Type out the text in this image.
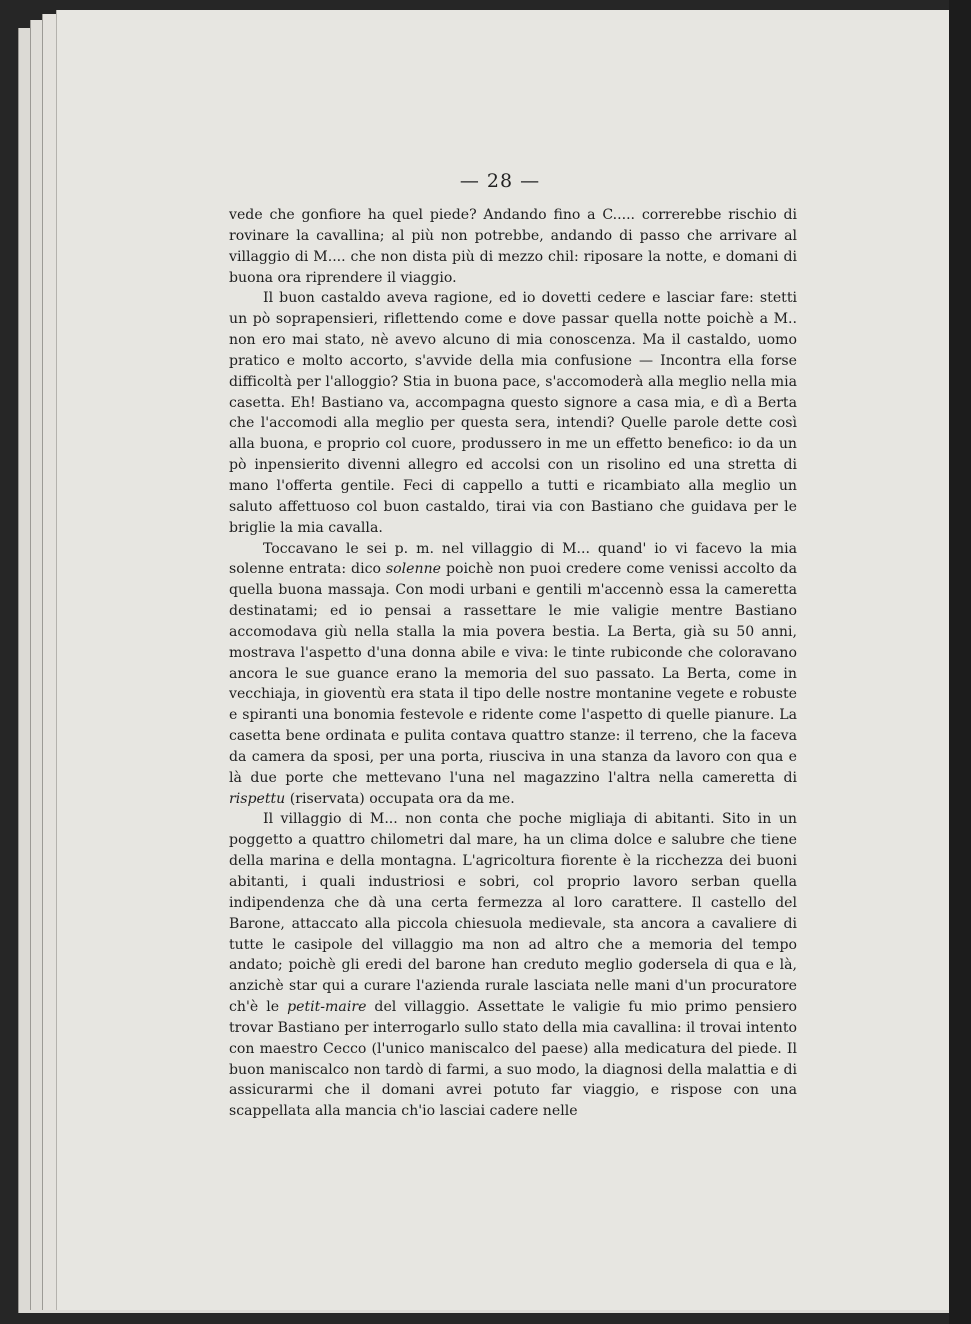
— 28 —

vede che gonfiore ha quel piede? Andando fino a C..... correrebbe rischio di rovinare la cavallina; al più non potrebbe, andando di passo che arrivare al villaggio di M.... che non dista più di mezzo chil: riposare la notte, e domani di buona ora riprendere il viaggio.

Il buon castaldo aveva ragione, ed io dovetti cedere e lasciar fare: stetti un pò soprapensieri, riflettendo come e dove passar quella notte poichè a M.. non ero mai stato, nè avevo alcuno di mia conoscenza. Ma il castaldo, uomo pratico e molto accorto, s'avvide della mia confusione — Incontra ella forse difficoltà per l'alloggio? Stia in buona pace, s'accomoderà alla meglio nella mia casetta. Eh! Bastiano va, accompagna questo signore a casa mia, e dì a Berta che l'accomodi alla meglio per questa sera, intendi? Quelle parole dette così alla buona, e proprio col cuore, produssero in me un effetto benefico: io da un pò inpensierito divenni allegro ed accolsi con un risolino ed una stretta di mano l'offerta gentile. Feci di cappello a tutti e ricambiato alla meglio un saluto affettuoso col buon castaldo, tirai via con Bastiano che guidava per le briglie la mia cavalla.

Toccavano le sei p. m. nel villaggio di M... quand' io vi facevo la mia solenne entrata: dico solenne poichè non puoi credere come venissi accolto da quella buona massaja. Con modi urbani e gentili m'accennò essa la cameretta destinatami; ed io pensai a rassettare le mie valigie mentre Bastiano accomodava giù nella stalla la mia povera bestia. La Berta, già su 50 anni, mostrava l'aspetto d'una donna abile e viva: le tinte rubiconde che coloravano ancora le sue guance erano la memoria del suo passato. La Berta, come in vecchiaja, in gioventù era stata il tipo delle nostre montanine vegete e robuste e spiranti una bonomia festevole e ridente come l'aspetto di quelle pianure. La casetta bene ordinata e pulita contava quattro stanze: il terreno, che la faceva da camera da sposi, per una porta, riusciva in una stanza da lavoro con qua e là due porte che mettevano l'una nel magazzino l'altra nella cameretta di rispettu (riservata) occupata ora da me.

Il villaggio di M... non conta che poche migliaja di abitanti. Sito in un poggetto a quattro chilometri dal mare, ha un clima dolce e salubre che tiene della marina e della montagna. L'agricoltura fiorente è la ricchezza dei buoni abitanti, i quali industriosi e sobri, col proprio lavoro serban quella indipendenza che dà una certa fermezza al loro carattere. Il castello del Barone, attaccato alla piccola chiesuola medievale, sta ancora a cavaliere di tutte le casipole del villaggio ma non ad altro che a memoria del tempo andato; poichè gli eredi del barone han creduto meglio godersela di qua e là, anzichè star qui a curare l'azienda rurale lasciata nelle mani d'un procuratore ch'è le petit-maire del villaggio. Assettate le valigie fu mio primo pensiero trovar Bastiano per interrogarlo sullo stato della mia cavallina: il trovai intento con maestro Cecco (l'unico maniscalco del paese) alla medicatura del piede. Il buon maniscalco non tardò di farmi, a suo modo, la diagnosi della malattia e di assicurarmi che il domani avrei potuto far viaggio, e rispose con una scappellata alla mancia ch'io lasciai cadere nelle
